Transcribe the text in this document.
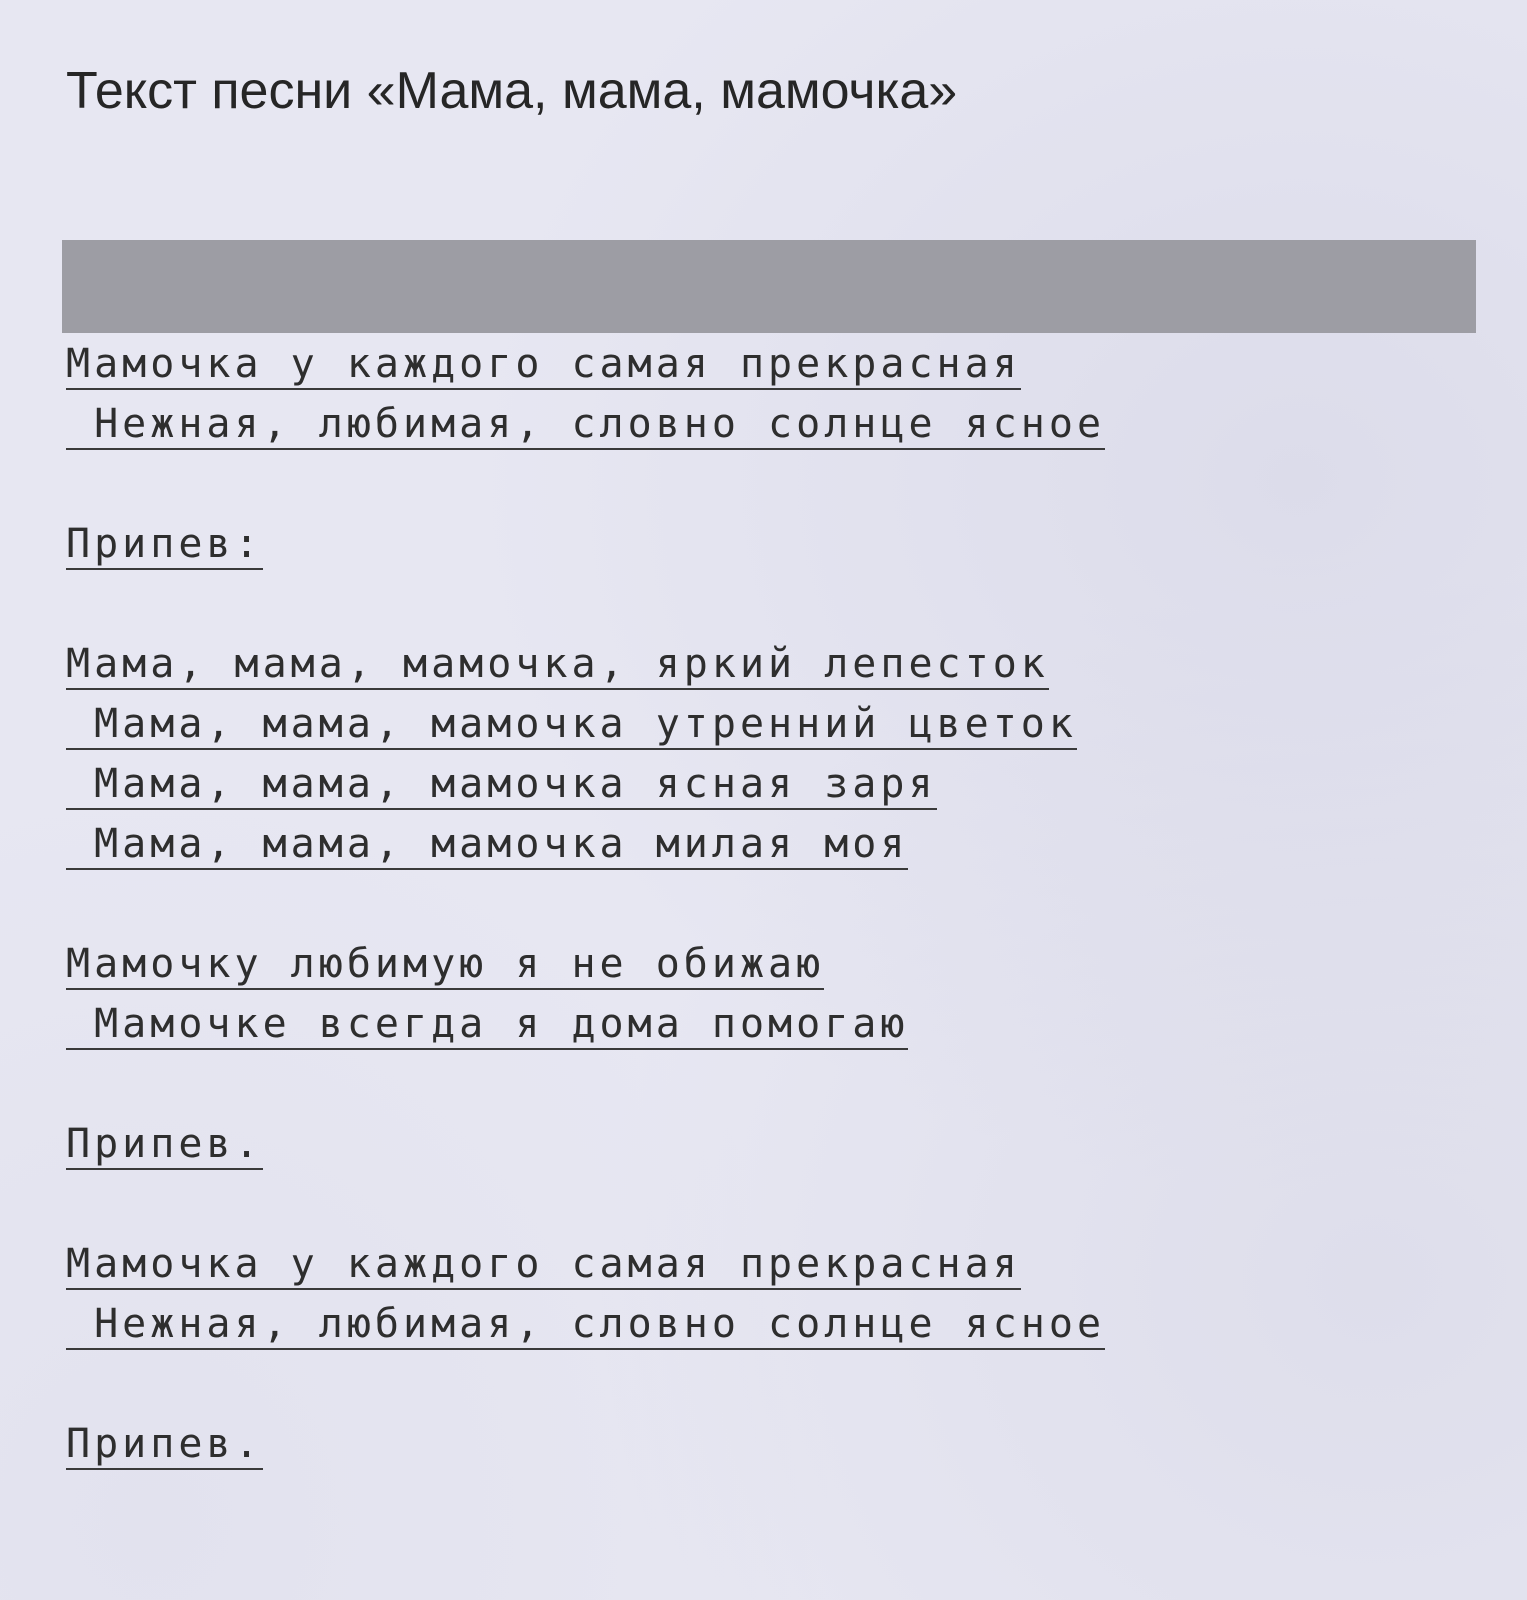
Текст песни «Мама, мама, мамочка»
Мамочка у каждого самая прекрасная
Нежная, любимая, словно солнце ясное
Припев:
Мама, мама, мамочка, яркий лепесток
Мама, мама, мамочка утренний цветок
Мама, мама, мамочка ясная заря
Мама, мама, мамочка милая моя
Мамочку любимую я не обижаю
Мамочке всегда я дома помогаю
Припев.
Мамочка у каждого самая прекрасная
Нежная, любимая, словно солнце ясное
Припев.
